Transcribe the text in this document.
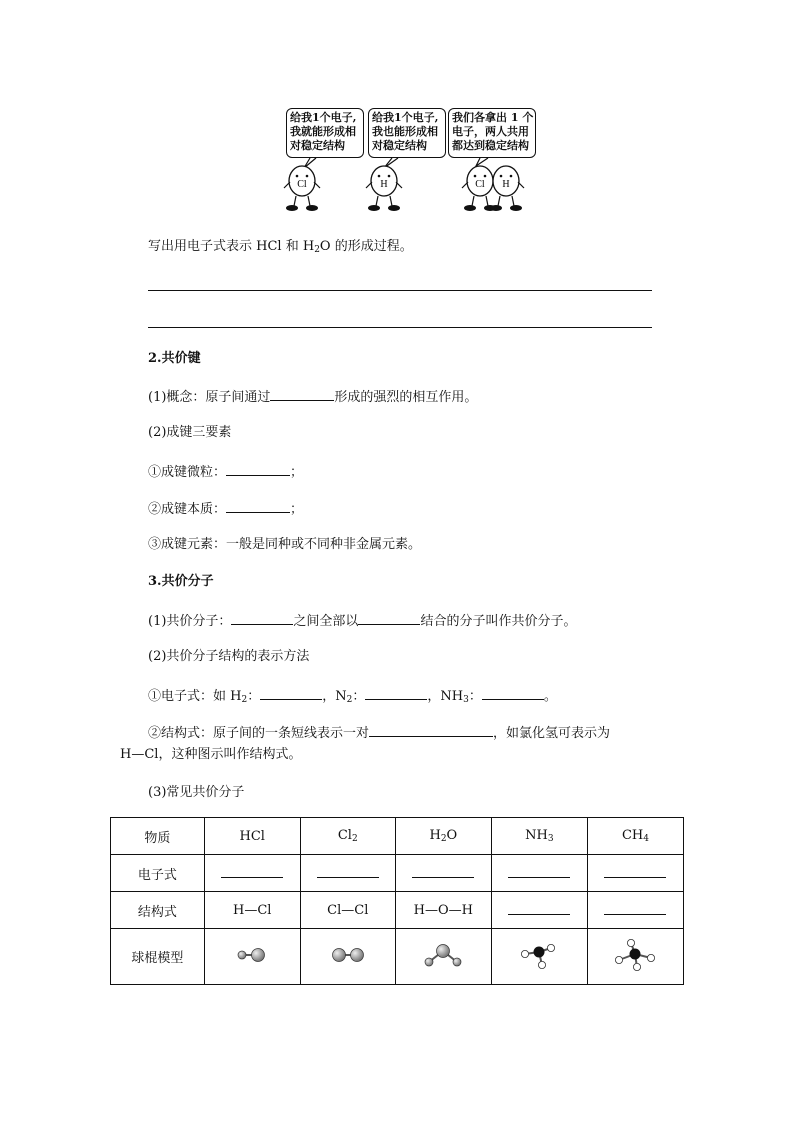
给我1个电子,
我就能形成相
对稳定结构
给我1个电子,
我也能形成相
对稳定结构
我们各拿出 1 个
电子，两人共用
都达到稳定结构
Cl	H	Cl H
写出用电子式表示 HCl 和 $H_2O$ 的形成过程。
2.共价键
(1)概念：原子间通过	形成的强烈的相互作用。
(2)成键三要素
①成键微粒：	；
②成键本质：	；
③成键元素：一般是同种或不同种非金属元素。
3.共价分子
(1)共价分子：	之间全部以	结合的分子叫作共价分子。
(2)共价分子结构的表示方法
①电子式：如 $H_2$：	，$N_2$：	，$NH_3$：	。
②结构式：原子间的一条短线表示一对	，如氯化氢可表示为
H—Cl，这种图示叫作结构式。
(3)常见共价分子
物质	HCl	$Cl_2$	$H_2O$	$NH_3$	$CH_4$
电子式					
结构式	H—Cl	Cl—Cl	H—O—H		
球棍模型					
